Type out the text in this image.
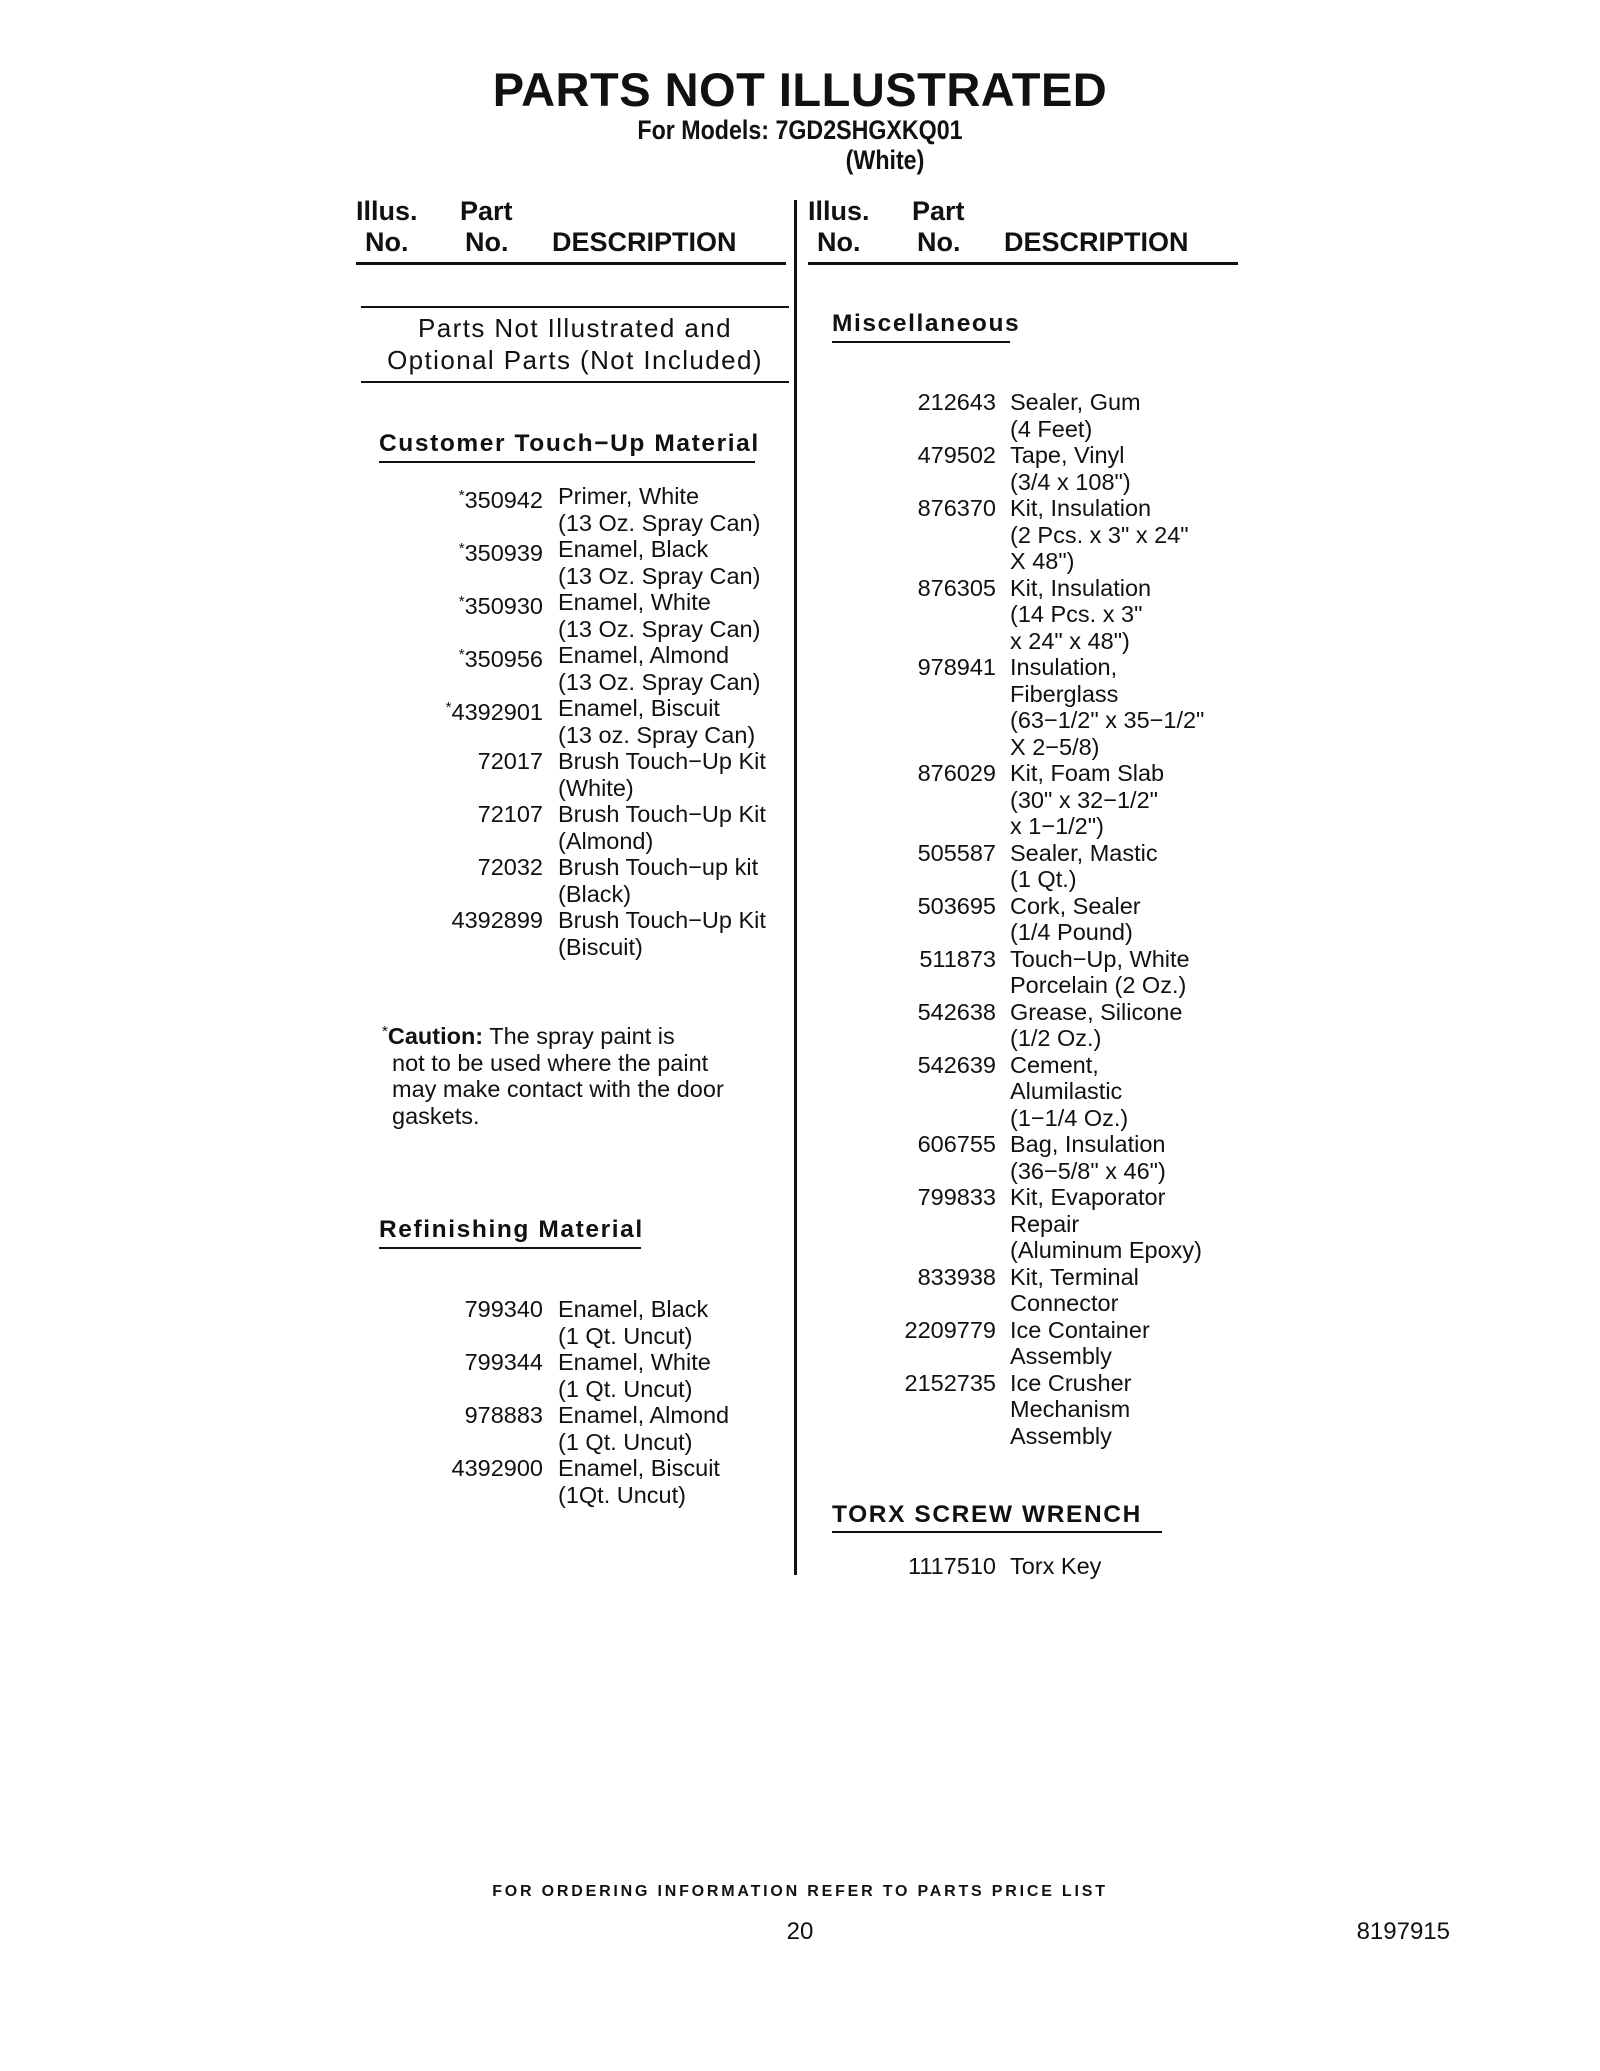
PARTS NOT ILLUSTRATED
For Models: 7GD2SHGXKQ01
(White)
Illus.
No.
Part
No. DESCRIPTION
Illus.
No.
Part
No. DESCRIPTION
Parts Not Illustrated and
Optional Parts (Not Included)
Customer Touch−Up Material
*350942 Primer, White
(13 Oz. Spray Can)
*350939 Enamel, Black
(13 Oz. Spray Can)
*350930 Enamel, White
(13 Oz. Spray Can)
*350956 Enamel, Almond
(13 Oz. Spray Can)
*4392901 Enamel, Biscuit
(13 oz. Spray Can)
72017 Brush Touch−Up Kit
(White)
72107 Brush Touch−Up Kit
(Almond)
72032 Brush Touch−up kit
(Black)
4392899 Brush Touch−Up Kit
(Biscuit)
*Caution: The spray paint is
not to be used where the paint
may make contact with the door
gaskets.
Refinishing Material
799340 Enamel, Black
(1 Qt. Uncut)
799344 Enamel, White
(1 Qt. Uncut)
978883 Enamel, Almond
(1 Qt. Uncut)
4392900 Enamel, Biscuit
(1Qt. Uncut)
Miscellaneous
212643 Sealer, Gum
(4 Feet)
479502 Tape, Vinyl
(3/4 x 108")
876370 Kit, Insulation
(2 Pcs. x 3" x 24"
X 48")
876305 Kit, Insulation
(14 Pcs. x 3"
x 24" x 48")
978941 Insulation,
Fiberglass
(63−1/2" x 35−1/2"
X 2−5/8)
876029 Kit, Foam Slab
(30" x 32−1/2"
x 1−1/2")
505587 Sealer, Mastic
(1 Qt.)
503695 Cork, Sealer
(1/4 Pound)
511873 Touch−Up, White
Porcelain (2 Oz.)
542638 Grease, Silicone
(1/2 Oz.)
542639 Cement,
Alumilastic
(1−1/4 Oz.)
606755 Bag, Insulation
(36−5/8" x 46")
799833 Kit, Evaporator
Repair
(Aluminum Epoxy)
833938 Kit, Terminal
Connector
2209779 Ice Container
Assembly
2152735 Ice Crusher
Mechanism
Assembly
TORX SCREW WRENCH
1117510 Torx Key
FOR ORDERING INFORMATION REFER TO PARTS PRICE LIST
20	8197915
